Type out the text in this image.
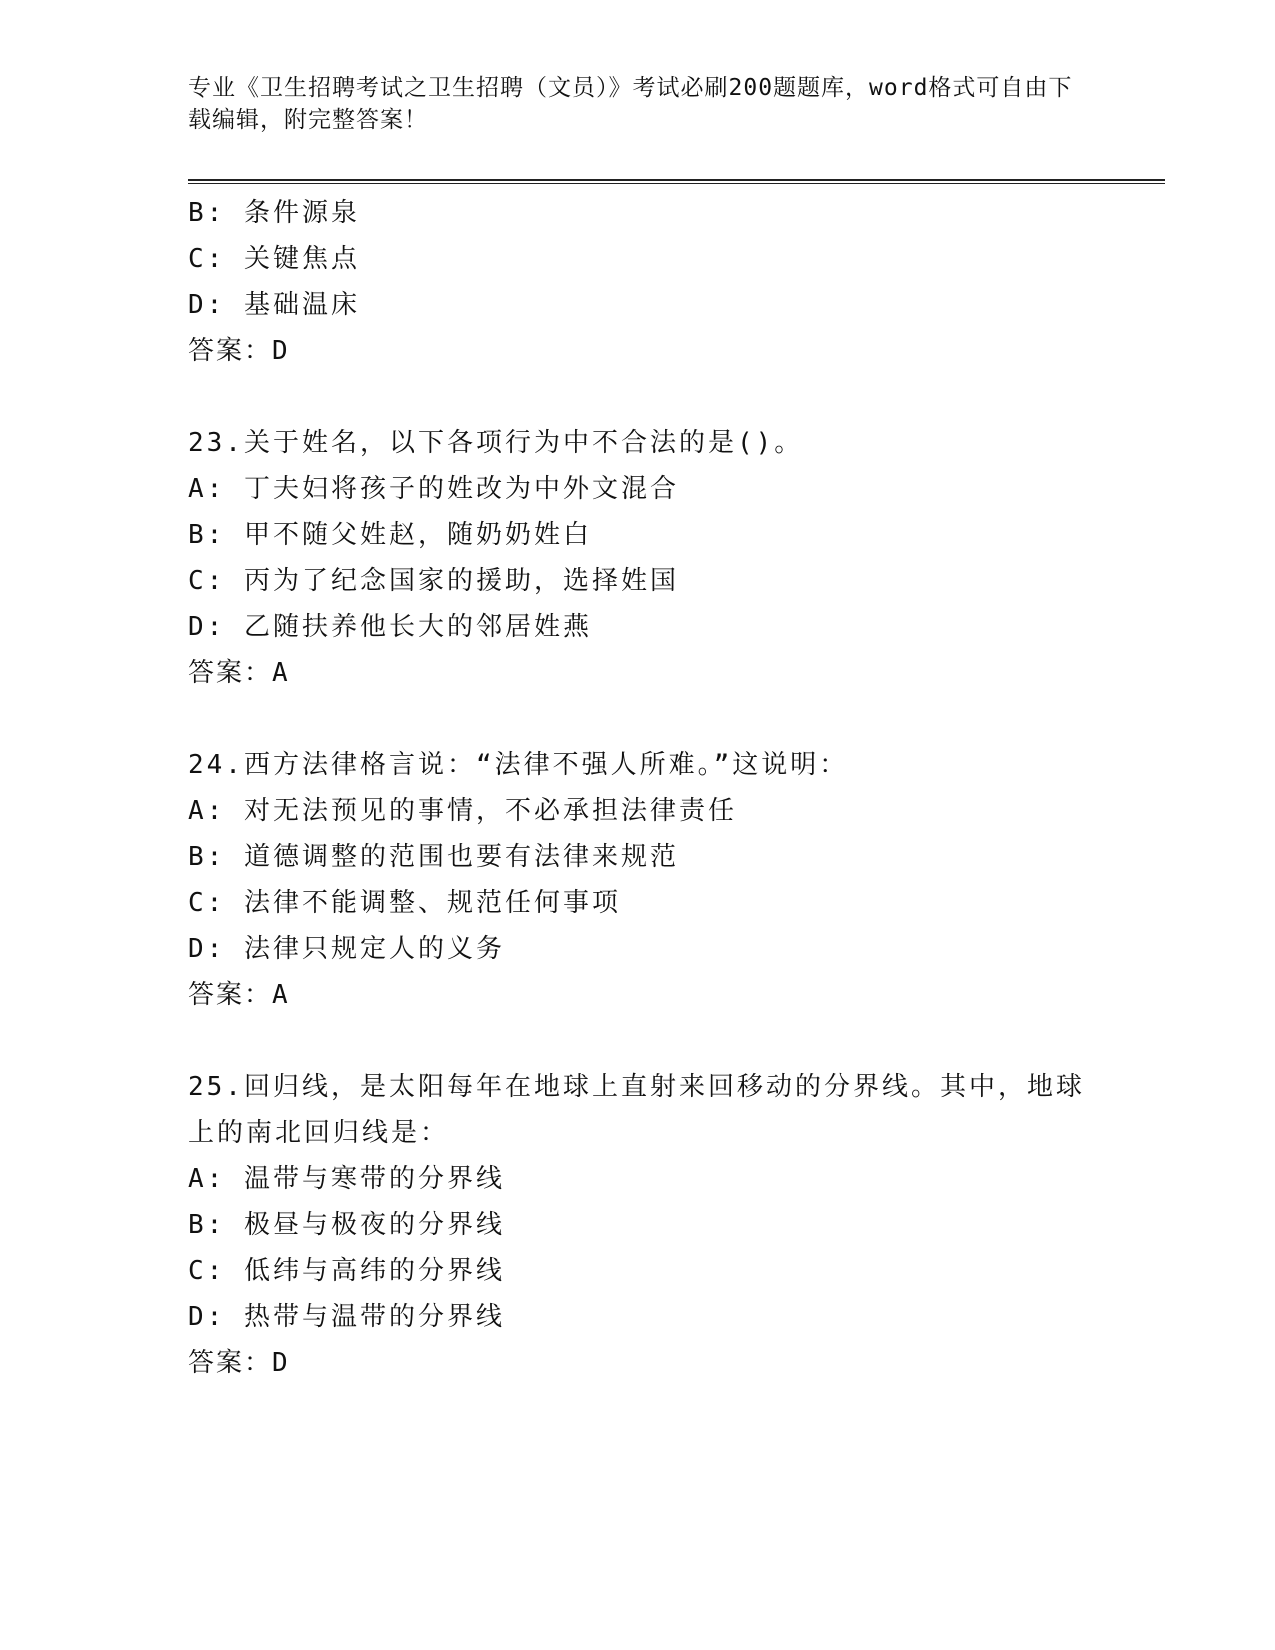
专业《卫生招聘考试之卫生招聘（文员）》考试必刷200题题库，word格式可自由下载编辑，附完整答案！
B: 条件源泉
C: 关键焦点
D: 基础温床
答案：D
23.关于姓名，以下各项行为中不合法的是()。
A: 丁夫妇将孩子的姓改为中外文混合
B: 甲不随父姓赵，随奶奶姓白
C: 丙为了纪念国家的援助，选择姓国
D: 乙随扶养他长大的邻居姓燕
答案：A
24.西方法律格言说：“法律不强人所难。”这说明：
A: 对无法预见的事情，不必承担法律责任
B: 道德调整的范围也要有法律来规范
C: 法律不能调整、规范任何事项
D: 法律只规定人的义务
答案：A
25.回归线，是太阳每年在地球上直射来回移动的分界线。其中，地球上的南北回归线是：
A: 温带与寒带的分界线
B: 极昼与极夜的分界线
C: 低纬与高纬的分界线
D: 热带与温带的分界线
答案：D
